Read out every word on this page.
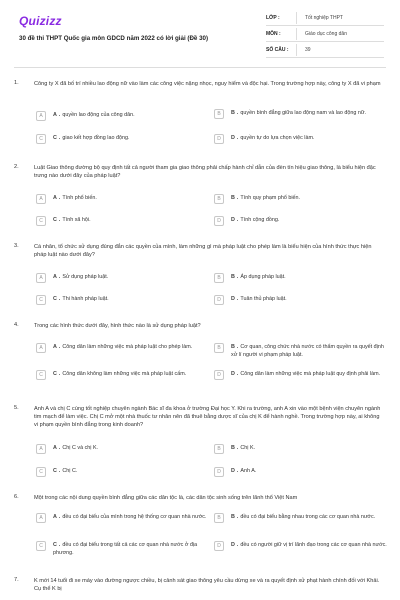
Quizizz
30 đề thi THPT Quốc gia môn GDCD năm 2022 có lời giải (Đề 30)
LỚP :	Tốt nghiệp THPT
MÔN :	Giáo dục công dân
SỐ CÂU :	39
1.	Công ty X đã bố trí nhiều lao động nữ vào làm các công việc nặng nhọc, nguy hiểm và độc hại. Trong trường hợp này, công ty X đã vi phạm
A	A . quyền lao động của công dân.	B	B . quyền bình đẳng giữa lao động nam và lao động nữ.
C	C . giao kết hợp đồng lao động.	D	D . quyền tự do lựa chọn việc làm.
2.	Luật Giao thông đường bộ quy định tất cả người tham gia giao thông phải chấp hành chỉ dẫn của đèn tín hiệu giao thông, là biểu hiện đặc trưng nào dưới đây của pháp luật?
A	A . Tính phổ biến.	B	B . Tính quy phạm phổ biến.
C	C . Tính xã hội.	D	D . Tính cộng đồng.
3.	Cá nhân, tổ chức sử dụng đúng đắn các quyền của mình, làm những gì mà pháp luật cho phép làm là biểu hiện của hình thức thực hiện pháp luật nào dưới đây?
A	A . Sử dụng pháp luật.	B	B . Áp dụng pháp luật.
C	C . Thi hành pháp luật.	D	D . Tuân thủ pháp luật.
4.	Trong các hình thức dưới đây, hình thức nào là sử dụng pháp luật?
A	A . Công dân làm những việc mà pháp luật cho phép làm.	B	B . Cơ quan, công chức nhà nước có thẩm quyền ra quyết định xử lí người vi phạm pháp luật.
C	C . Công dân không làm những việc mà pháp luật cấm.	D	D . Công dân làm những việc mà pháp luật quy định phải làm.
5.	Anh A và chị C cùng tốt nghiệp chuyên ngành Bác sĩ đa khoa ở trường Đại học Y. Khi ra trường, anh A xin vào một bệnh viện chuyên ngành tim mạch để làm việc. Chị C mở một nhà thuốc tư nhân nên đã thuê bằng dược sĩ của chị K để hành nghề. Trong trường hợp này, ai không vi phạm quyền bình đẳng trong kinh doanh?
A	A . Chị C và chị K.	B	B . Chị K.
C	C . Chị C.	D	D . Anh A.
6.	Một trong các nội dung quyền bình đẳng giữa các dân tộc là, các dân tộc sinh sống trên lãnh thổ Việt Nam
A	A . đều có đại biểu của mình trong hệ thống cơ quan nhà nước.	B	B . đều có đại biểu bằng nhau trong các cơ quan nhà nước.
C	C . đều có đại biểu trong tất cả các cơ quan nhà nước ở địa phương.
D	D . đều có người giữ vị trí lãnh đạo trong các cơ quan nhà nước.
7.	K mới 14 tuổi đi xe máy vào đường ngược chiều, bị cảnh sát giao thông yêu cầu dừng xe và ra quyết định xử phạt hành chính đối với Khải. Cụ thể K bị
